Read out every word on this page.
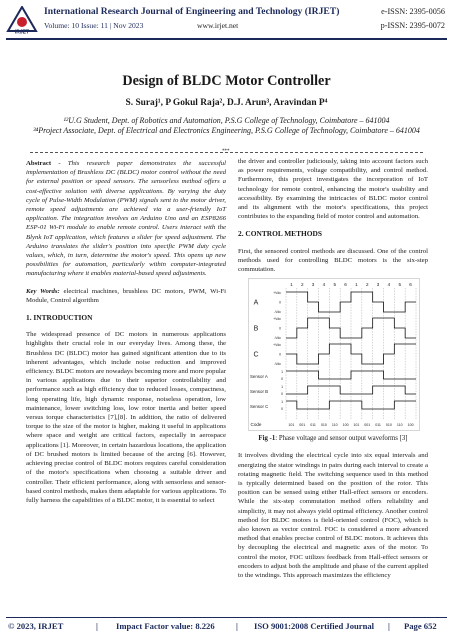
IRJET
International Research Journal of Engineering and Technology (IRJET)	e-ISSN: 2395-0056
Volume: 10 Issue: 11 | Nov 2023	www.irjet.net	p-ISSN: 2395-0072
Design of BLDC Motor Controller
S. Suraj¹, P Gokul Raja², D.J. Arun³, Aravindan P⁴
¹²U.G Student, Dept. of Robotics and Automation, P.S.G College of Technology, Coimbatore – 641004
³⁴Project Associate, Dept. of Electrical and Electronics Engineering, P.S.G College of Technology, Coimbatore – 641004
***

Abstract - This research paper demonstrates the successful implementation of Brushless DC (BLDC) motor control without the need for external position or speed sensors. The sensorless method offers a cost-effective solution with diverse applications. By varying the duty cycle of Pulse-Width Modulation (PWM) signals sent to the motor driver, remote speed adjustments are achieved via a user-friendly IoT application. The integration involves an Arduino Uno and an ESP8266 ESP-01 Wi-Fi module to enable remote control. Users interact with the Blynk IoT application, which features a slider for speed adjustment. The Arduino translates the slider's position into specific PWM duty cycle values, which, in turn, determine the motor's speed. This opens up new possibilities for automation, particularly within computer-integrated manufacturing where it enables material-based speed adjustments.

Key Words: electrical machines, brushless DC motors, PWM, Wi-Fi Module, Control algorithm

1. INTRODUCTION

The widespread presence of DC motors in numerous applications highlights their crucial role in our everyday lives. Among these, the Brushless DC (BLDC) motor has gained significant attention due to its inherent advantages, which include noise reduction and improved efficiency. BLDC motors are nowadays becoming more and more popular in various applications due to their superior controllability and performance such as high efficiency due to reduced losses, compactness, long operating life, high dynamic response, noiseless operation, low maintenance, lower switching loss, low rotor inertia and better speed versus torque characteristics [7],[8]. In addition, the ratio of delivered torque to the size of the motor is higher, making it useful in applications where space and weight are critical factors, especially in aerospace applications [1]. Moreover, in certain hazardous locations, the application of DC brushed motors is limited because of the arcing [6]. However, achieving precise control of BLDC motors requires careful consideration of the motor's specifications when choosing a suitable driver and controller. Their efficient performance, along with sensorless and sensor-based control methods, makes them adaptable for various applications. To fully harness the capabilities of a BLDC motor, it is essential to select

the driver and controller judiciously, taking into account factors such as power requirements, voltage compatibility, and control method. Furthermore, this project investigates the incorporation of IoT technology for remote control, enhancing the motor's usability and accessibility. By examining the intricacies of BLDC motor control and its alignment with the motor's specifications, this project contributes to the expanding field of motor control and automation.

2. CONTROL METHODS

First, the sensored control methods are discussed. One of the control methods used for controlling BLDC motors is the six-step commutation.

1 2 3 4 5 6 1 2 3 4 5 6
A
+Vdc
0
-Vdc
B
+Vdc
0
-Vdc
C
+Vdc
0
-Vdc
Sensor A
1
0
Sensor B
1
0
Sensor C
1
0
Code	101 001 011 010 110 100 101 001 011 010 110 100
Fig -1: Phase voltage and sensor output waveforms [3]

It involves dividing the electrical cycle into six equal intervals and energizing the stator windings in pairs during each interval to create a rotating magnetic field. The switching sequence used in this method is typically determined based on the position of the rotor. This position can be sensed using either Hall-effect sensors or encoders. While the six-step commutation method offers reliability and simplicity, it may not always yield optimal efficiency. Another control method for BLDC motors is field-oriented control (FOC), which is also known as vector control. FOC is considered a more advanced method that enables precise control of BLDC motors. It achieves this by decoupling the electrical and magnetic axes of the motor. To control the motor, FOC utilizes feedback from Hall-effect sensors or encoders to adjust both the amplitude and phase of the current applied to the windings. This approach maximizes the efficiency

© 2023, IRJET	| Impact Factor value: 8.226 | ISO 9001:2008 Certified Journal | Page 652
